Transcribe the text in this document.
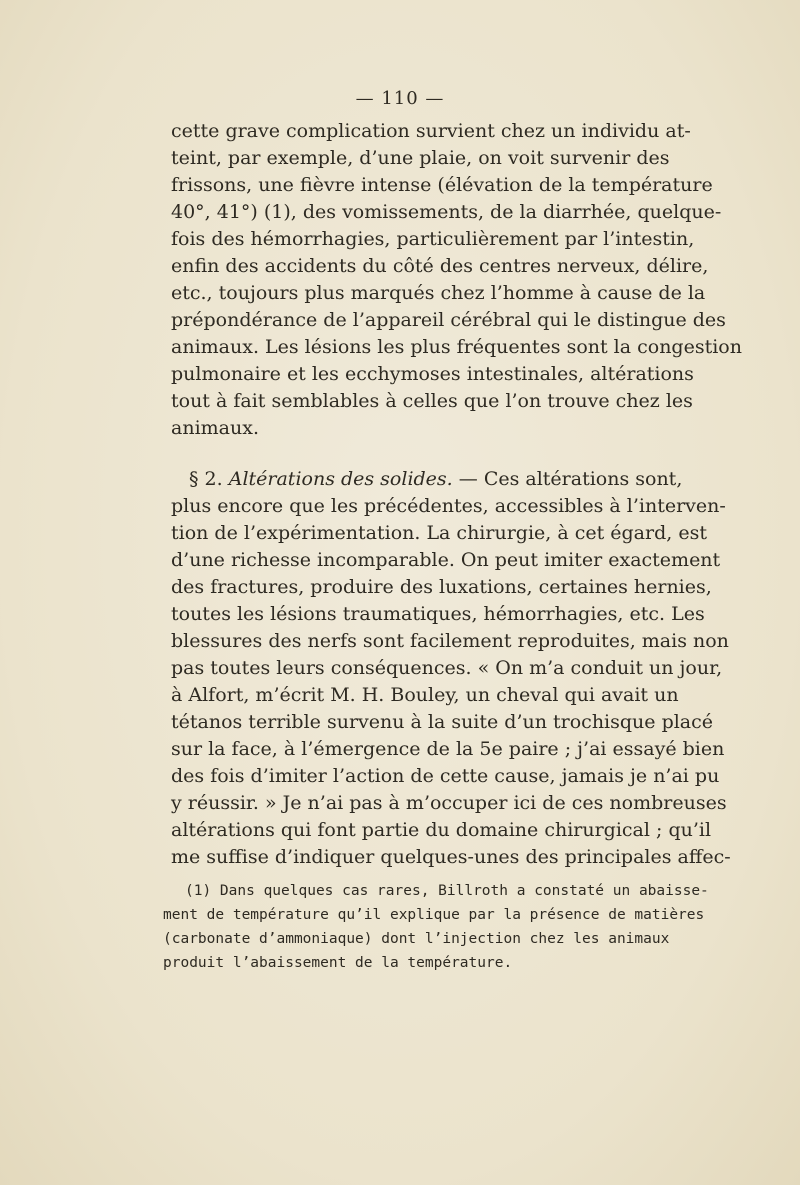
— 110 —
cette grave complication survient chez un individu at-
teint, par exemple, d’une plaie, on voit survenir des
frissons, une fièvre intense (élévation de la température
40°, 41°) (1), des vomissements, de la diarrhée, quelque-
fois des hémorrhagies, particulièrement par l’intestin,
enfin des accidents du côté des centres nerveux, délire,
etc., toujours plus marqués chez l’homme à cause de la
prépondérance de l’appareil cérébral qui le distingue des
animaux. Les lésions les plus fréquentes sont la congestion
pulmonaire et les ecchymoses intestinales, altérations
tout à fait semblables à celles que l’on trouve chez les
animaux.
§ 2. Altérations des solides. — Ces altérations sont,
plus encore que les précédentes, accessibles à l’interven-
tion de l’expérimentation. La chirurgie, à cet égard, est
d’une richesse incomparable. On peut imiter exactement
des fractures, produire des luxations, certaines hernies,
toutes les lésions traumatiques, hémorrhagies, etc. Les
blessures des nerfs sont facilement reproduites, mais non
pas toutes leurs conséquences. « On m’a conduit un jour,
à Alfort, m’écrit M. H. Bouley, un cheval qui avait un
tétanos terrible survenu à la suite d’un trochisque placé
sur la face, à l’émergence de la 5e paire ; j’ai essayé bien
des fois d’imiter l’action de cette cause, jamais je n’ai pu
y réussir. » Je n’ai pas à m’occuper ici de ces nombreuses
altérations qui font partie du domaine chirurgical ; qu’il
me suffise d’indiquer quelques-unes des principales affec-
(1) Dans quelques cas rares, Billroth a constaté un abaisse-
ment de température qu’il explique par la présence de matières
(carbonate d’ammoniaque) dont l’injection chez les animaux
produit l’abaissement de la température.
